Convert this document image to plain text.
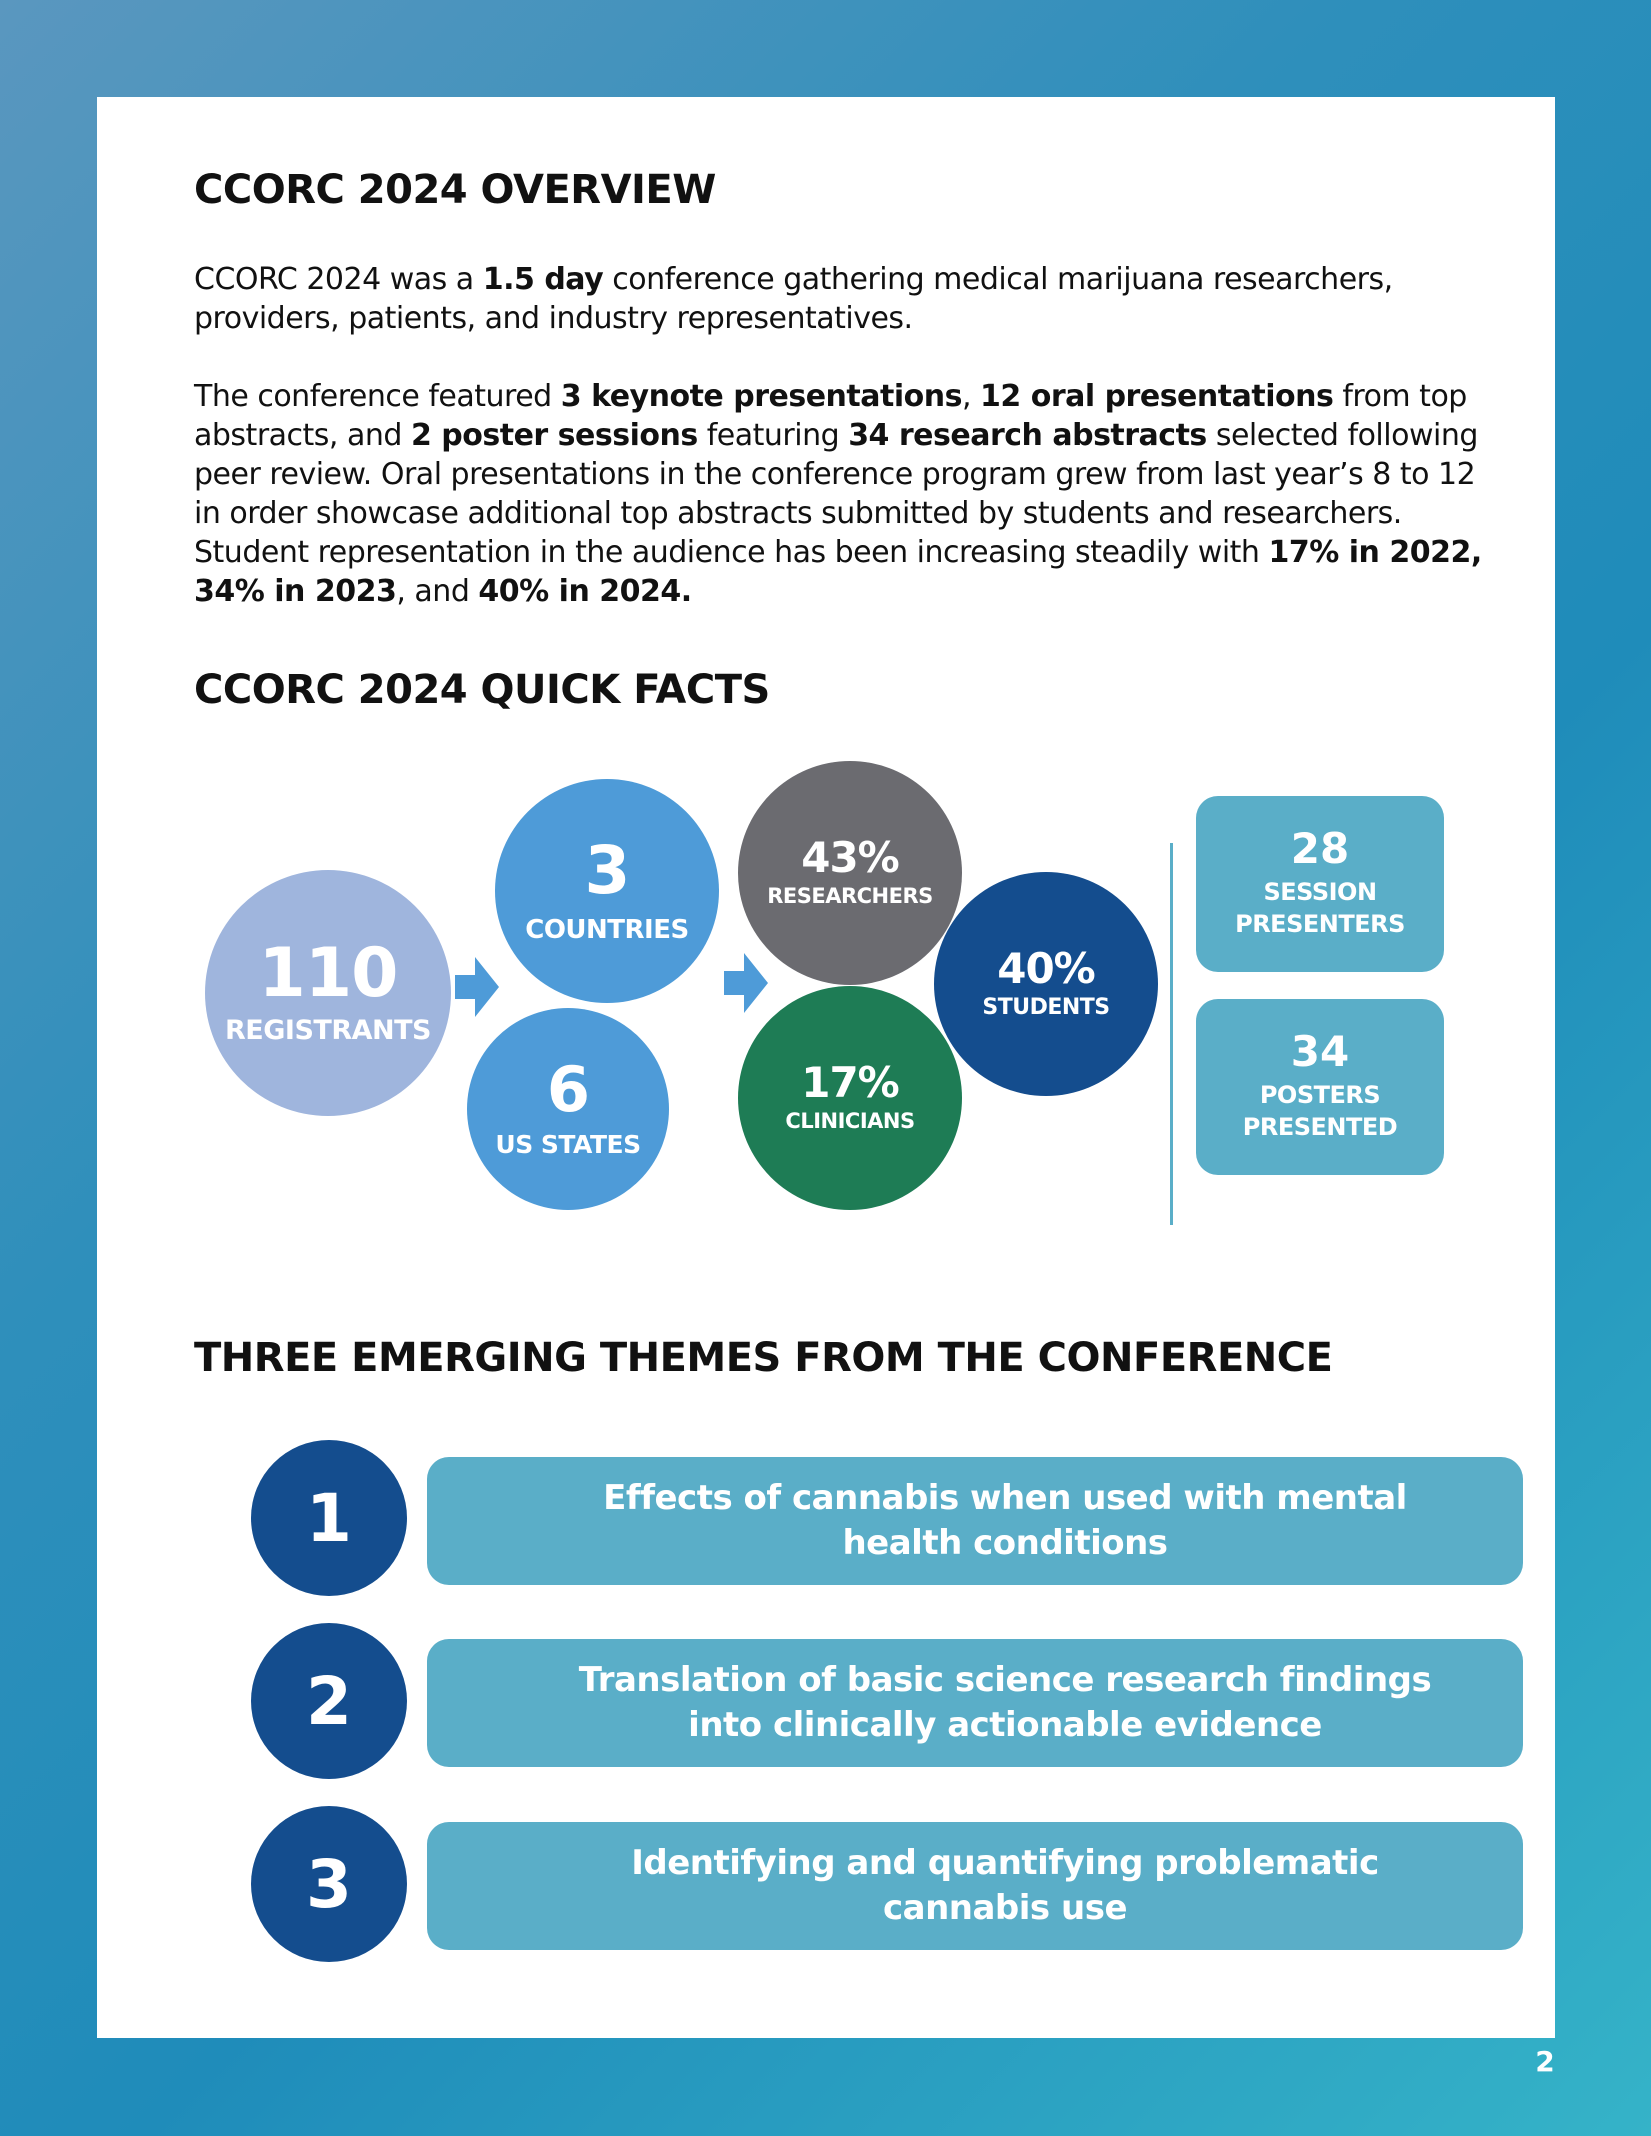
CCORC 2024 OVERVIEW

CCORC 2024 was a 1.5 day conference gathering medical marijuana researchers, providers, patients, and industry representatives.

The conference featured 3 keynote presentations, 12 oral presentations from top abstracts, and 2 poster sessions featuring 34 research abstracts selected following peer review. Oral presentations in the conference program grew from last year’s 8 to 12 in order showcase additional top abstracts submitted by students and researchers. Student representation in the audience has been increasing steadily with 17% in 2022, 34% in 2023, and 40% in 2024.

CCORC 2024 QUICK FACTS
110
REGISTRANTS
3
COUNTRIES
6
US STATES
43%
RESEARCHERS
17%
CLINICIANS
40%
STUDENTS
28
SESSION PRESENTERS
34
POSTERS PRESENTED
THREE EMERGING THEMES FROM THE CONFERENCE
Effects of cannabis when used with mental health conditions
1
Translation of basic science research findings into clinically actionable evidence
2
Identifying and quantifying problematic cannabis use
3
2
